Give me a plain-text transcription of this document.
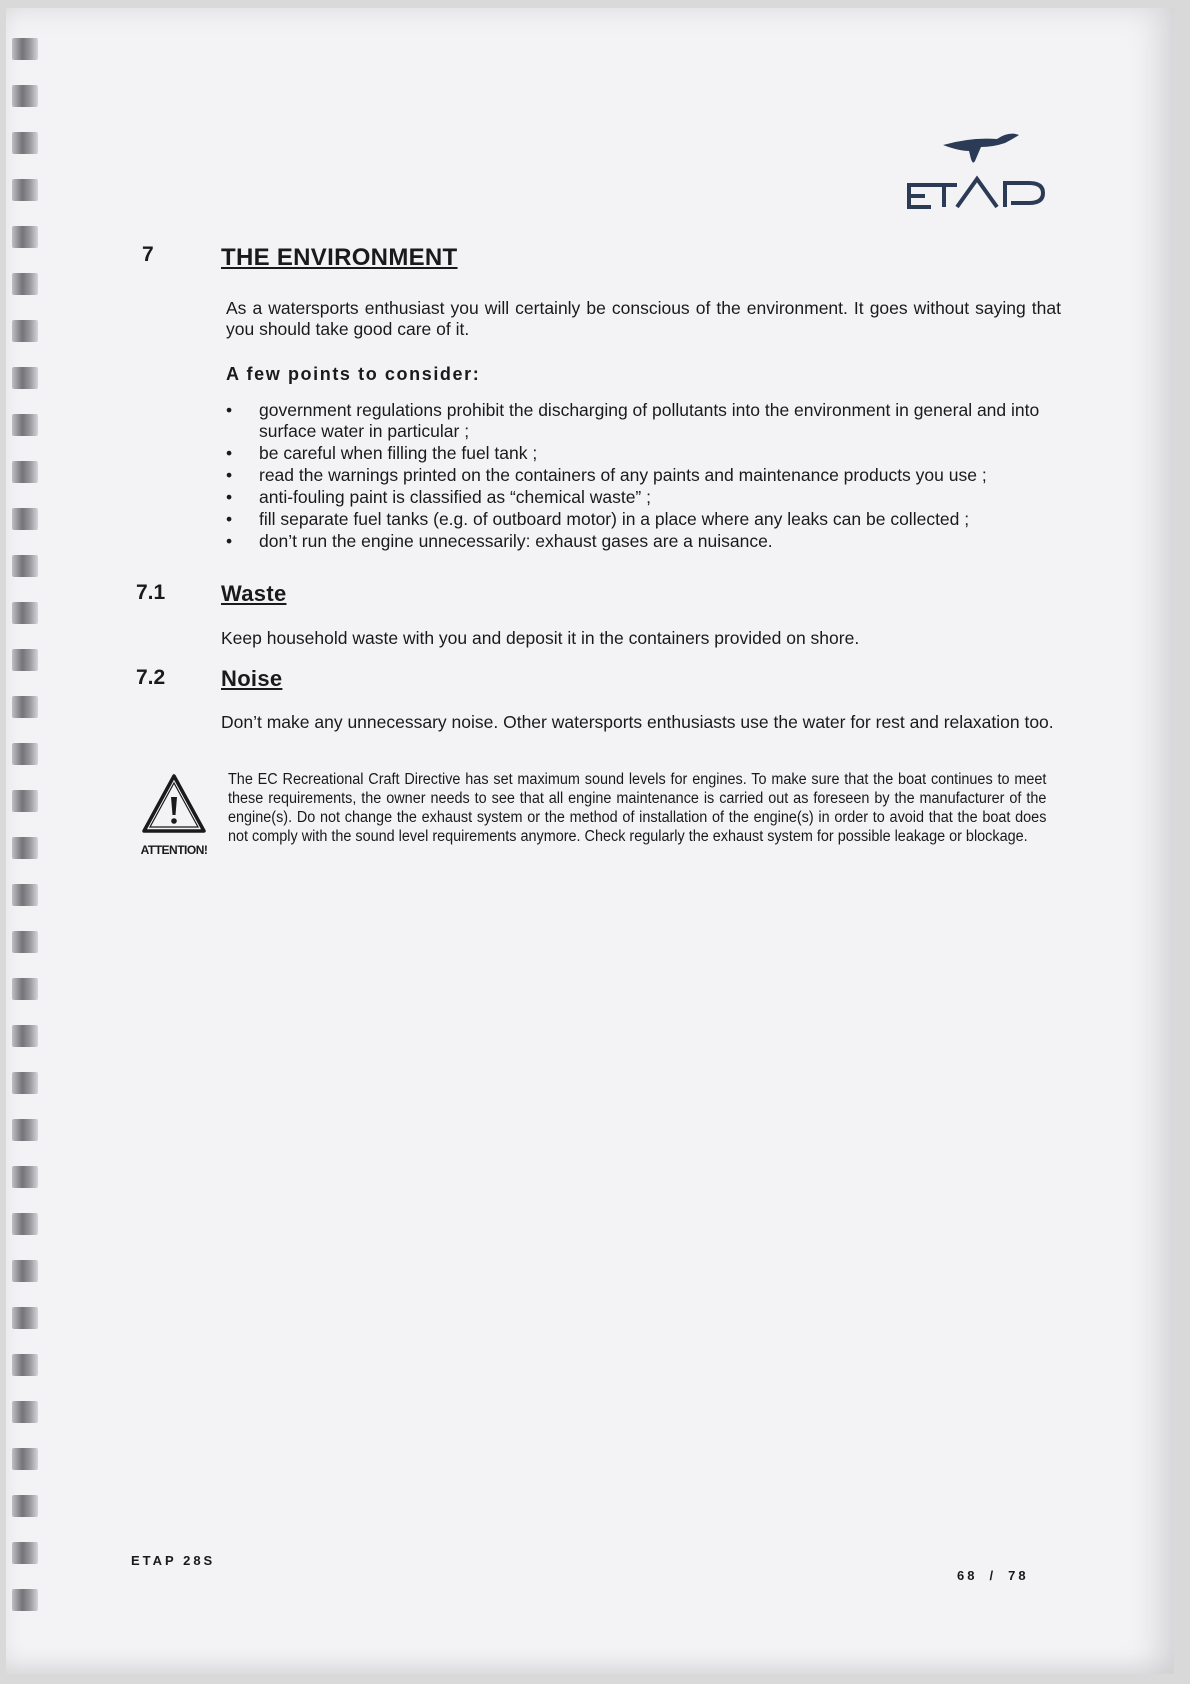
7	THE ENVIRONMENT
As a watersports enthusiast you will certainly be conscious of the environment. It goes without saying that you should take good care of it.
A few points to consider:
• government regulations prohibit the discharging of pollutants into the environment in general and into surface water in particular ;
• be careful when filling the fuel tank ;
• read the warnings printed on the containers of any paints and maintenance products you use ;
• anti-fouling paint is classified as “chemical waste” ;
• fill separate fuel tanks (e.g. of outboard motor) in a place where any leaks can be collected ;
• don’t run the engine unnecessarily: exhaust gases are a nuisance.
7.1	Waste
Keep household waste with you and deposit it in the containers provided on shore.
7.2	Noise
Don’t make any unnecessary noise. Other watersports enthusiasts use the water for rest and relaxation too.
ATTENTION!
The EC Recreational Craft Directive has set maximum sound levels for engines. To make sure that the boat continues to meet these requirements, the owner needs to see that all engine maintenance is carried out as foreseen by the manufacturer of the engine(s). Do not change the exhaust system or the method of installation of the engine(s) in order to avoid that the boat does not comply with the sound level requirements anymore. Check regularly the exhaust system for possible leakage or blockage.
ETAP 28S
68 / 78
